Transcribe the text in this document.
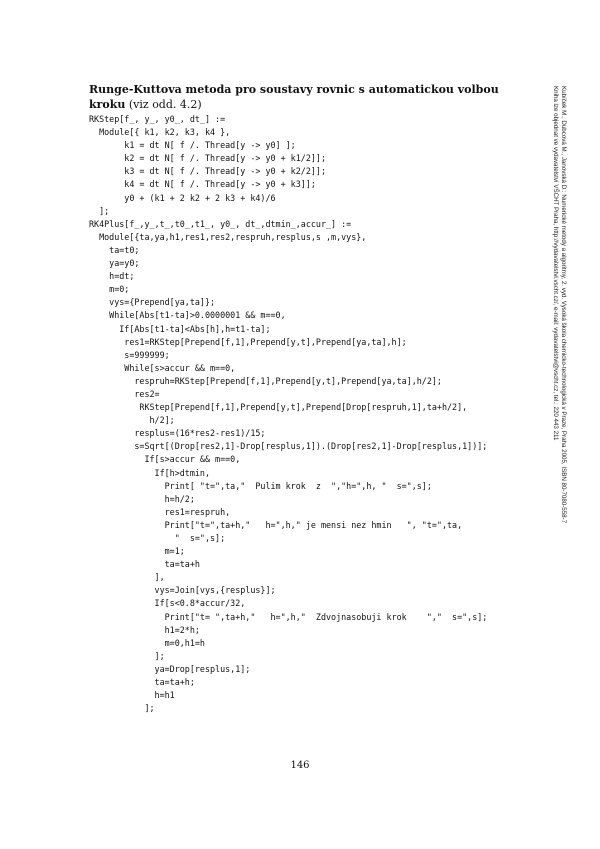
Runge-Kuttova metoda pro soustavy rovnic s automatickou volbou kroku (viz odd. 4.2)
RKStep[f_, y_, y0_, dt_] :=
Module[{ k1, k2, k3, k4 },
k1 = dt N[ f /. Thread[y -> y0] ];
k2 = dt N[ f /. Thread[y -> y0 + k1/2]];
k3 = dt N[ f /. Thread[y -> y0 + k2/2]];
k4 = dt N[ f /. Thread[y -> y0 + k3]];
y0 + (k1 + 2 k2 + 2 k3 + k4)/6
];
RK4Plus[f_,y_,t_,t0_,t1_, y0_, dt_,dtmin_,accur_] :=
Module[{ta,ya,h1,res1,res2,respruh,resplus,s ,m,vys},
ta=t0;
ya=y0;
h=dt;
m=0;
vys={Prepend[ya,ta]};
While[Abs[t1-ta]>0.0000001 && m==0,
If[Abs[t1-ta]<Abs[h],h=t1-ta];
res1=RKStep[Prepend[f,1],Prepend[y,t],Prepend[ya,ta],h];
s=999999;
While[s>accur && m==0,
respruh=RKStep[Prepend[f,1],Prepend[y,t],Prepend[ya,ta],h/2];
res2=
RKStep[Prepend[f,1],Prepend[y,t],Prepend[Drop[respruh,1],ta+h/2],
h/2];
resplus=(16*res2-res1)/15;
s=Sqrt[(Drop[res2,1]-Drop[resplus,1]).(Drop[res2,1]-Drop[resplus,1])];
If[s>accur && m==0,
If[h>dtmin,
Print[ "t=",ta,"  Pulim krok  z  ","h=",h, "  s=",s];
h=h/2;
res1=respruh,
Print["t=",ta+h,"   h=",h," je mensi nez hmin   ", "t=",ta,
"  s=",s];
m=1;
ta=ta+h
],
vys=Join[vys,{resplus}];
If[s<0.8*accur/32,
Print["t= ",ta+h,"   h=",h,"  Zdvojnasobuji krok    ","  s=",s];
h1=2*h;
m=0,h1=h
];
ya=Drop[resplus,1];
ta=ta+h;
h=h1
];
146
Kubíček M., Dubcová M., Janovská D.: Numerické metody a algoritmy, 2. vyd. Vysoká škola chemicko-technologická v Praze, Praha 2005, ISBN 80-7080-558-7
Kniha lze objednat ve vydavatelství VŠCHT Praha, http://vydavatelstvi.vscht.cz/, e-mail: vydavatelstvi@vscht.cz, tel.: 220 443 211
